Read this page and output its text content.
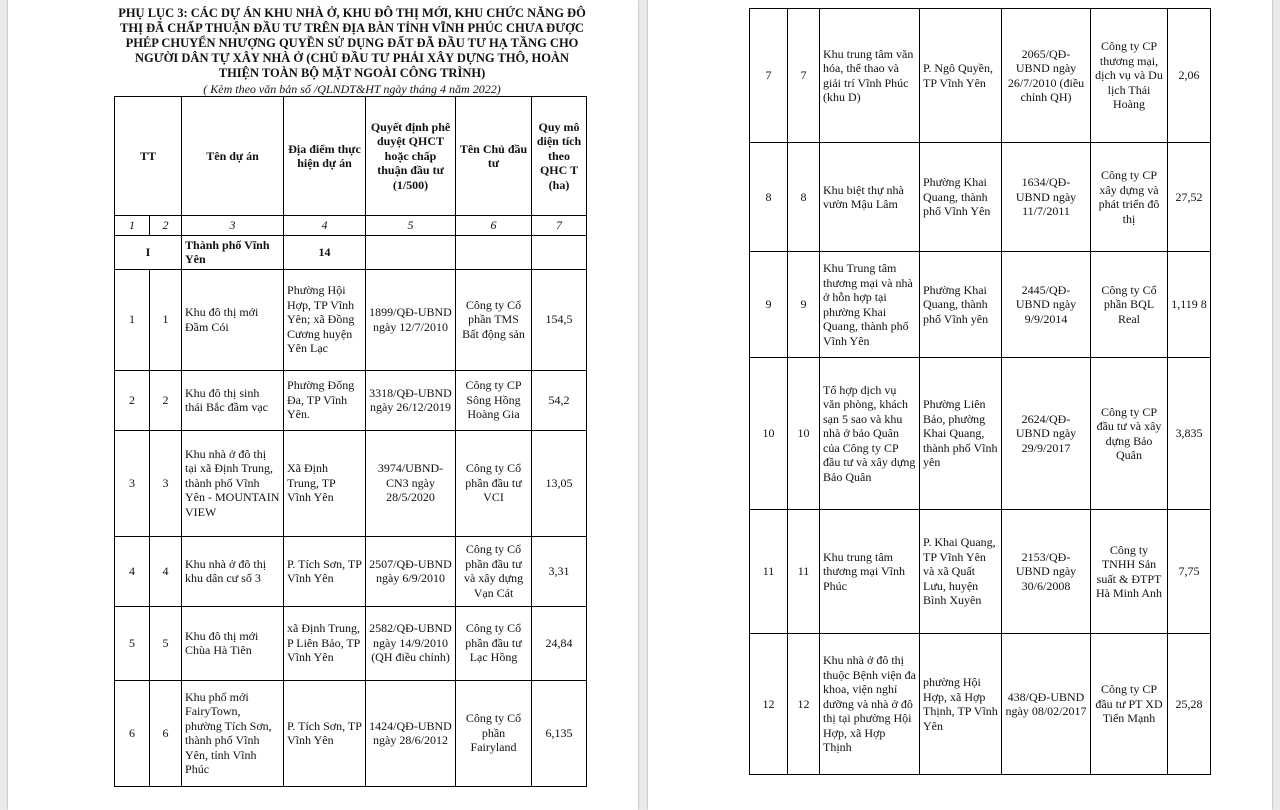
PHỤ LỤC 3: CÁC DỰ ÁN KHU NHÀ Ở, KHU ĐÔ THỊ MỚI, KHU CHỨC NĂNG ĐÔ THỊ ĐÃ CHẤP THUẬN ĐẦU TƯ TRÊN ĐỊA BÀN TỈNH VĨNH PHÚC CHƯA ĐƯỢC PHÉP CHUYỂN NHƯỢNG QUYỀN SỬ DỤNG ĐẤT ĐÃ ĐẦU TƯ HẠ TẦNG CHO NGƯỜI DÂN TỰ XÂY NHÀ Ở (CHỦ ĐẦU TƯ PHẢI XÂY DỰNG THÔ, HOÀN THIỆN TOÀN BỘ MẶT NGOÀI CÔNG TRÌNH)
( Kèm theo văn bản số /QLNDT&HT ngày tháng 4 năm 2022)
TT		Tên dự án	Địa điểm thực hiện dự án	Quyết định phê duyệt QHCT hoặc chấp thuận đầu tư (1/500)	Tên Chủ đầu tư	Quy mô diện tích theo QHC T (ha)
1	2	3	4	5	6	7
I		Thành phố Vĩnh Yên	14			
1	1	Khu đô thị mới Đầm Cói	Phường Hội Hợp, TP Vĩnh Yên; xã Đồng Cương huyện Yên Lạc	1899/QĐ-UBND ngày 12/7/2010	Công ty Cổ phần TMS Bất động sản	154,5
2	2	Khu đô thị sinh thái Bắc đầm vạc	Phường Đống Đa, TP Vĩnh Yên.	3318/QĐ-UBND ngày 26/12/2019	Công ty CP Sông Hồng Hoàng Gia	54,2
3	3	Khu nhà ở đô thị tại xã Định Trung, thành phố Vĩnh Yên - MOUNTAIN VIEW	Xã Định Trung, TP Vĩnh Yên	3974/UBND-CN3 ngày 28/5/2020	Công ty Cổ phần đầu tư VCI	13,05
4	4	Khu nhà ở đô thị khu dân cư số 3	P. Tích Sơn, TP Vĩnh Yên	2507/QĐ-UBND ngày 6/9/2010	Công ty Cổ phần đầu tư và xây dựng Vạn Cát	3,31
5	5	Khu đô thị mới Chùa Hà Tiên	xã Định Trung, P Liên Bảo, TP Vĩnh Yên	2582/QĐ-UBND ngày 14/9/2010 (QH điều chỉnh)	Công ty Cổ phần đầu tư Lạc Hồng	24,84
6	6	Khu phố mới FairyTown, phường Tích Sơn, thành phố Vĩnh Yên, tỉnh Vĩnh Phúc	P. Tích Sơn, TP Vĩnh Yên	1424/QĐ-UBND ngày 28/6/2012	Công ty Cổ phần Fairyland	6,135
7	7	Khu trung tâm văn hóa, thể thao và giải trí Vĩnh Phúc (khu D)	P. Ngô Quyền, TP Vĩnh Yên	2065/QĐ-UBND ngày 26/7/2010 (điều chỉnh QH)	Công ty CP thương mại, dịch vụ và Du lịch Thái Hoàng	2,06
8	8	Khu biệt thự nhà vườn Mậu Lâm	Phường Khai Quang, thành phố Vĩnh Yên	1634/QĐ-UBND ngày 11/7/2011	Công ty CP xây dựng và phát triển đô thị	27,52
9	9	Khu Trung tâm thương mại và nhà ở hỗn hợp tại phường Khai Quang, thành phố Vĩnh Yên	Phường Khai Quang, thành phố Vĩnh yên	2445/QĐ-UBND ngày 9/9/2014	Công ty Cổ phần BQL Real	1,119 8
10	10	Tổ hợp dịch vụ văn phòng, khách sạn 5 sao và khu nhà ở bảo Quân của Công ty CP đầu tư và xây dựng Bảo Quân	Phường Liên Bảo, phường Khai Quang, thành phố Vĩnh yên	2624/QĐ-UBND ngày 29/9/2017	Công ty CP đầu tư và xây dựng Bảo Quân	3,835
11	11	Khu trung tâm thương mại Vĩnh Phúc	P. Khai Quang, TP Vĩnh Yên và xã Quất Lưu, huyện Bình Xuyên	2153/QĐ-UBND ngày 30/6/2008	Công ty TNHH Sản suất & ĐTPT Hà Minh Anh	7,75
12	12	Khu nhà ở đô thị thuộc Bệnh viện đa khoa, viện nghỉ dưỡng và nhà ở đô thị tại phường Hội Hợp, xã Hợp Thịnh	phường Hội Hợp, xã Hợp Thịnh, TP Vĩnh Yên	438/QĐ-UBND ngày 08/02/2017	Công ty CP đầu tư PT XD Tiến Mạnh	25,28
